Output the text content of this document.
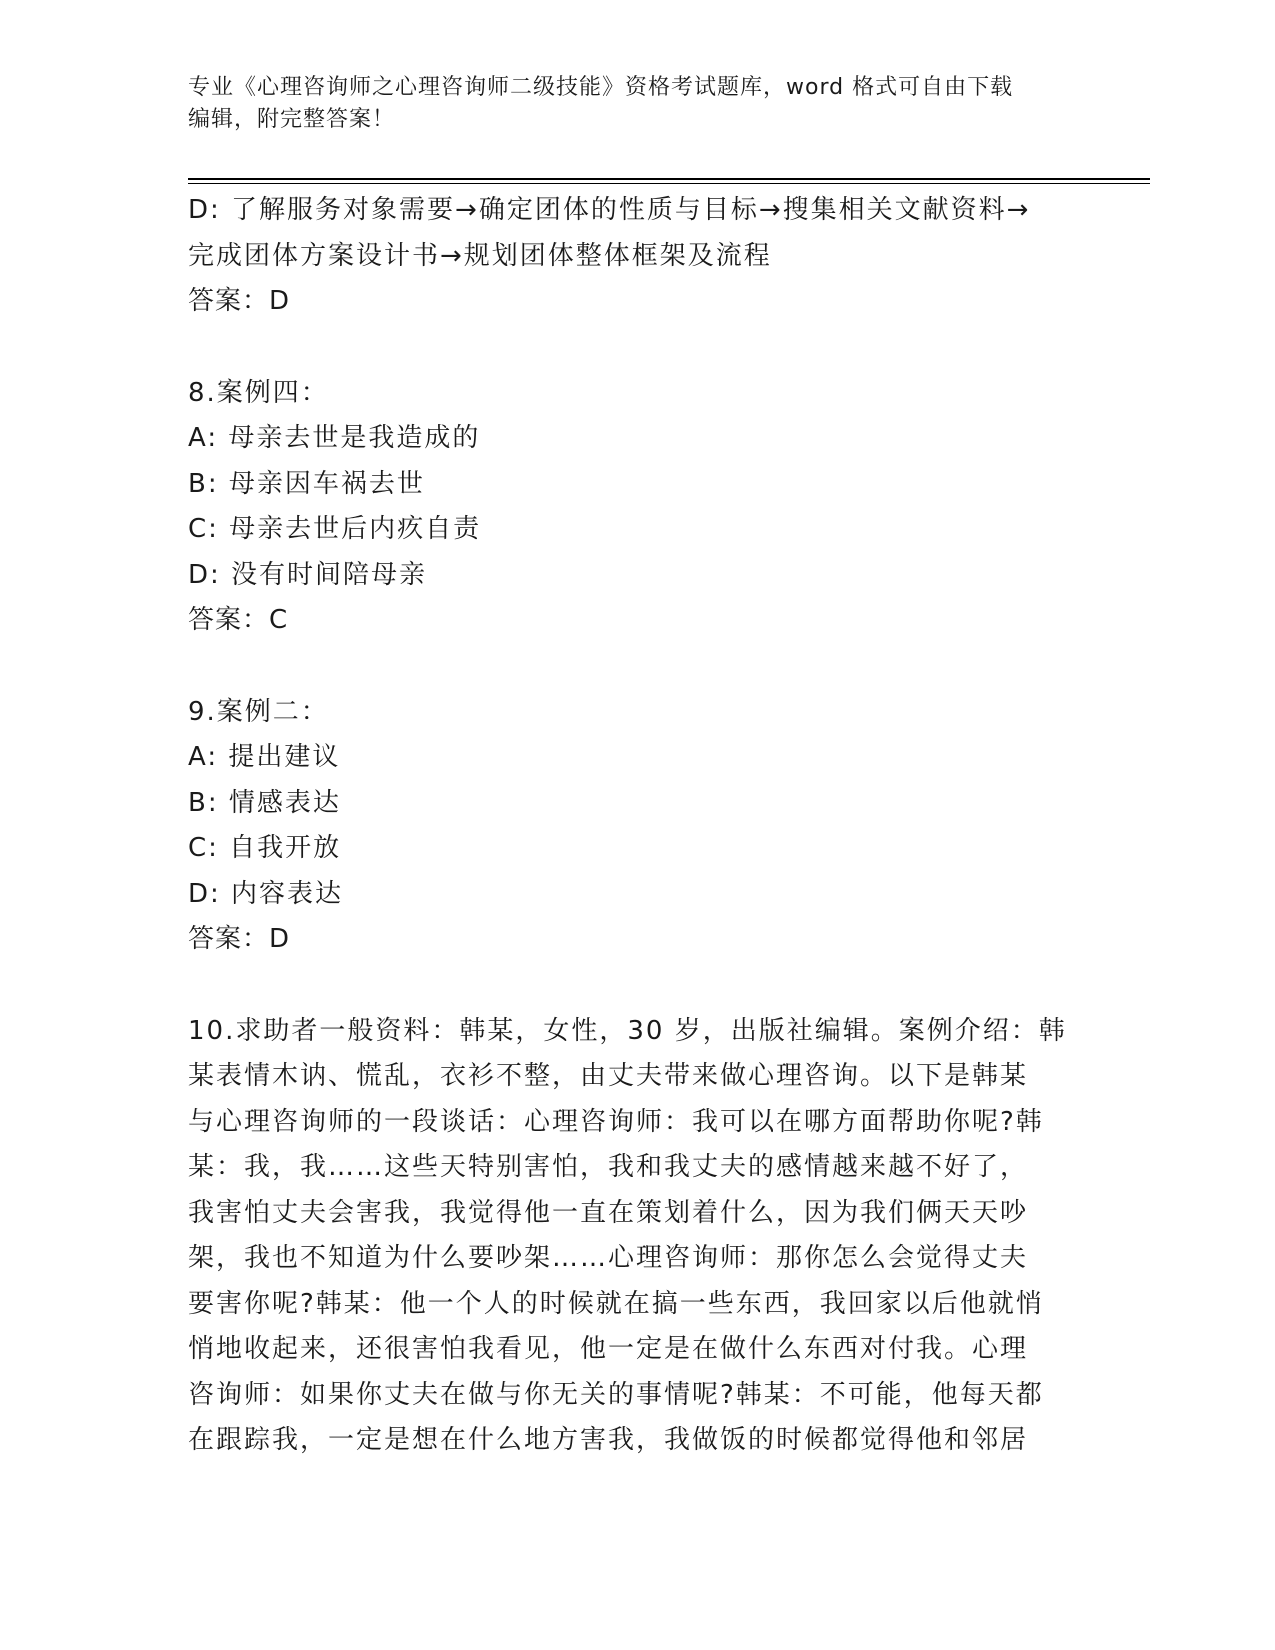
专业《心理咨询师之心理咨询师二级技能》资格考试题库，word 格式可自由下载
编辑，附完整答案！
D: 了解服务对象需要→确定团体的性质与目标→搜集相关文献资料→
完成团体方案设计书→规划团体整体框架及流程
答案：D
8.案例四：
A: 母亲去世是我造成的
B: 母亲因车祸去世
C: 母亲去世后内疚自责
D: 没有时间陪母亲
答案：C
9.案例二：
A: 提出建议
B: 情感表达
C: 自我开放
D: 内容表达
答案：D
10.求助者一般资料：韩某，女性，30 岁，出版社编辑。案例介绍：韩
某表情木讷、慌乱，衣衫不整，由丈夫带来做心理咨询。以下是韩某
与心理咨询师的一段谈话：心理咨询师：我可以在哪方面帮助你呢?韩
某：我，我……这些天特别害怕，我和我丈夫的感情越来越不好了，
我害怕丈夫会害我，我觉得他一直在策划着什么，因为我们俩天天吵
架，我也不知道为什么要吵架……心理咨询师：那你怎么会觉得丈夫
要害你呢?韩某：他一个人的时候就在搞一些东西，我回家以后他就悄
悄地收起来，还很害怕我看见，他一定是在做什么东西对付我。心理
咨询师：如果你丈夫在做与你无关的事情呢?韩某：不可能，他每天都
在跟踪我，一定是想在什么地方害我，我做饭的时候都觉得他和邻居
